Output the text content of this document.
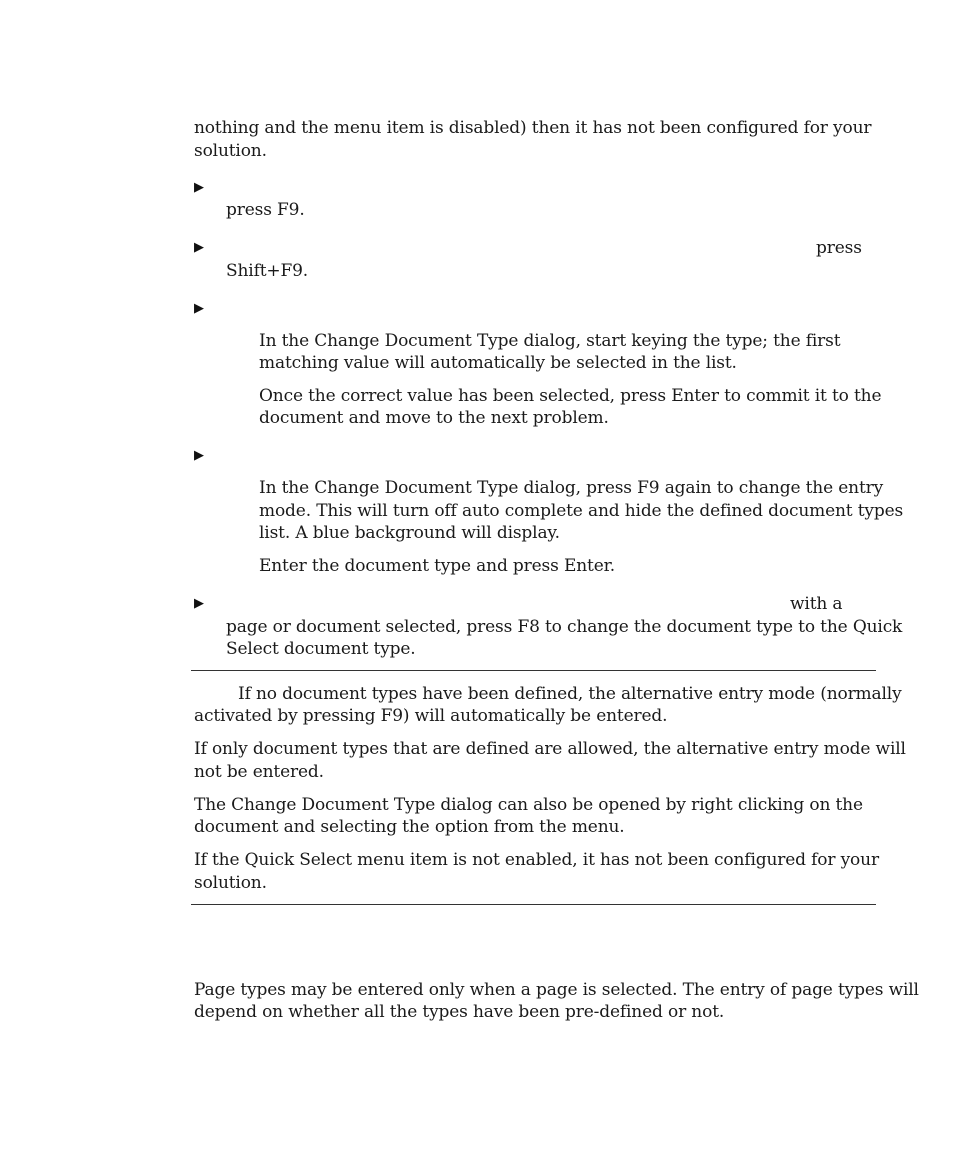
nothing and the menu item is disabled) then it has not been configured for your
solution.
▶
press F9.
▶	press
Shift+F9.
▶
In the Change Document Type dialog, start keying the type; the first
matching value will automatically be selected in the list.
Once the correct value has been selected, press Enter to commit it to the
document and move to the next problem.
▶
In the Change Document Type dialog, press F9 again to change the entry
mode. This will turn off auto complete and hide the defined document types
list. A blue background will display.
Enter the document type and press Enter.
▶	with a
page or document selected, press F8 to change the document type to the Quick
Select document type.
If no document types have been defined, the alternative entry mode (normally
activated by pressing F9) will automatically be entered.
If only document types that are defined are allowed, the alternative entry mode will
not be entered.
The Change Document Type dialog can also be opened by right clicking on the
document and selecting the option from the menu.
If the Quick Select menu item is not enabled, it has not been configured for your
solution.
Page types may be entered only when a page is selected. The entry of page types will
depend on whether all the types have been pre-defined or not.
